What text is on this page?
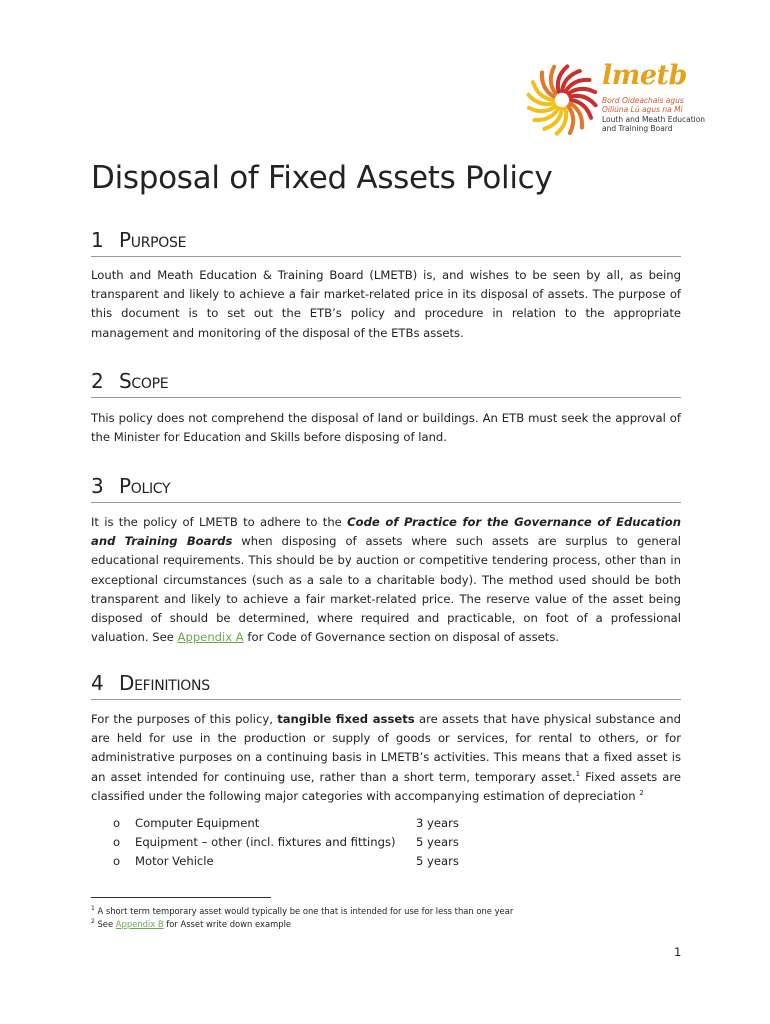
lmetb
Bord Oideachais agus
Oiliúna Lú agus na Mí
Louth and Meath Education
and Training Board
Disposal of Fixed Assets Policy
1 Purpose
Louth and Meath Education & Training Board (LMETB) is, and wishes to be seen by all, as being transparent and likely to achieve a fair market-related price in its disposal of assets. The purpose of this document is to set out the ETB’s policy and procedure in relation to the appropriate management and monitoring of the disposal of the ETBs assets.
2 Scope
This policy does not comprehend the disposal of land or buildings. An ETB must seek the approval of the Minister for Education and Skills before disposing of land.
3 Policy
It is the policy of LMETB to adhere to the Code of Practice for the Governance of Education and Training Boards when disposing of assets where such assets are surplus to general educational requirements. This should be by auction or competitive tendering process, other than in exceptional circumstances (such as a sale to a charitable body). The method used should be both transparent and likely to achieve a fair market-related price. The reserve value of the asset being disposed of should be determined, where required and practicable, on foot of a professional valuation. See Appendix A for Code of Governance section on disposal of assets.
4 Definitions
For the purposes of this policy, tangible fixed assets are assets that have physical substance and are held for use in the production or supply of goods or services, for rental to others, or for administrative purposes on a continuing basis in LMETB’s activities. This means that a fixed asset is an asset intended for continuing use, rather than a short term, temporary asset.$^1$ Fixed assets are classified under the following major categories with accompanying estimation of depreciation $^2$
o Computer Equipment	3 years
o Equipment – other (incl. fixtures and fittings) 5 years
o Motor Vehicle	5 years
$^1$ A short term temporary asset would typically be one that is intended for use for less than one year
$^2$ See Appendix B for Asset write down example
1
